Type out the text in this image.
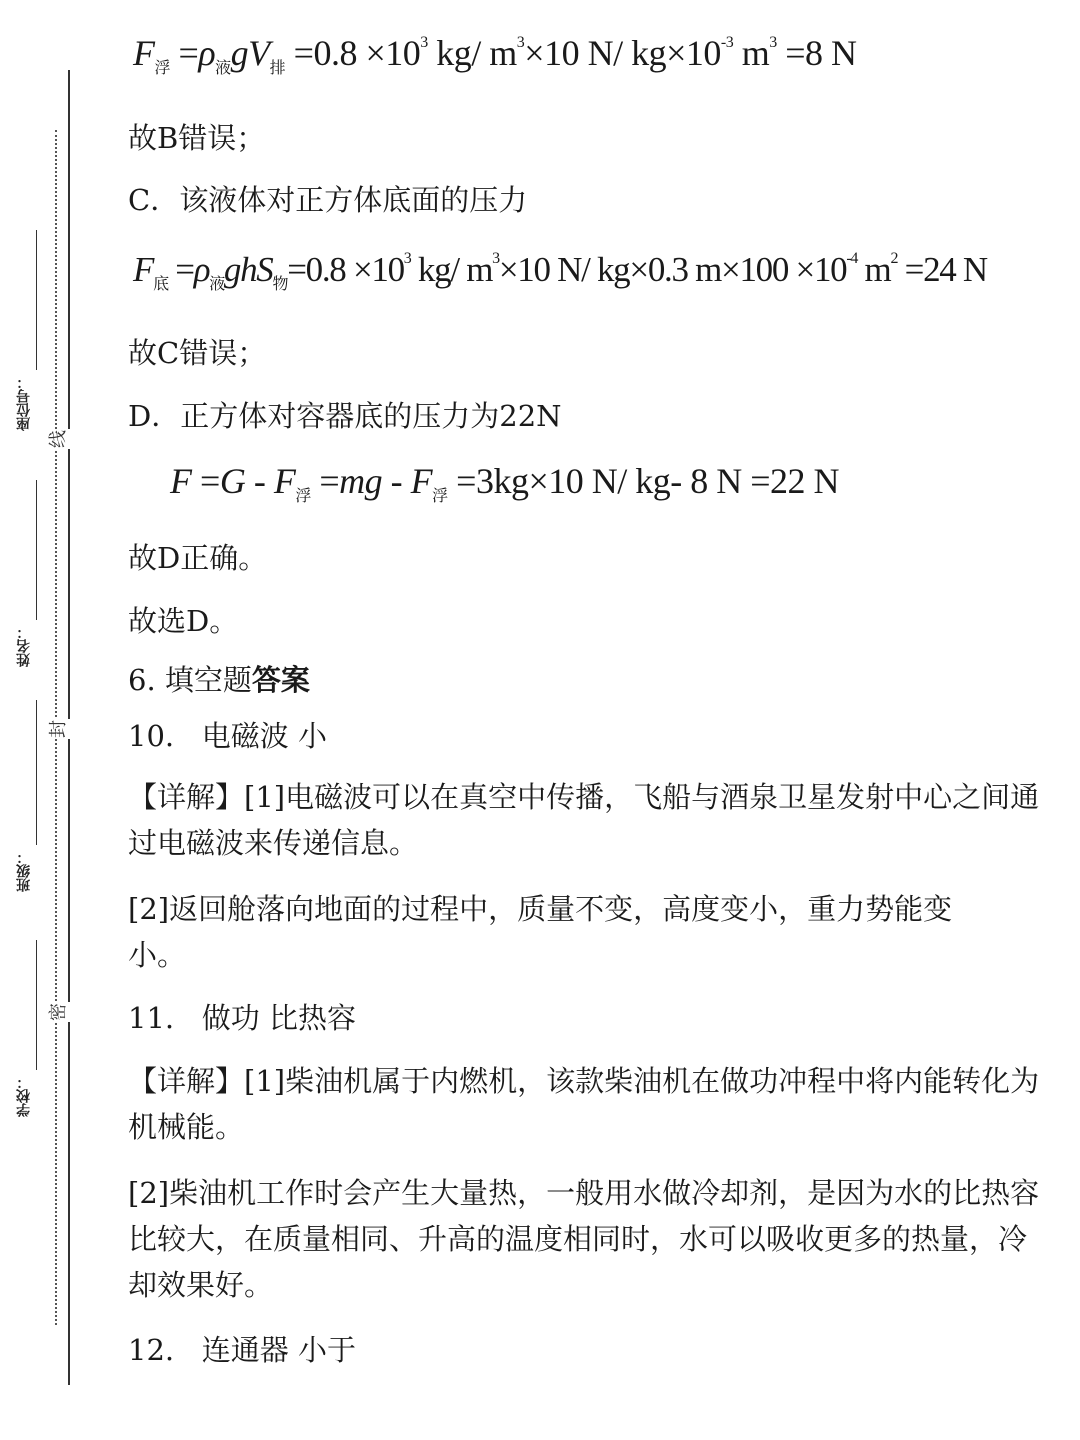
座位号：
姓名：
班级：
学校：
线
封
密
$F_浮 =\rho_液gV_排 =0.8 \times 10^3$ kg/ $m^3\times 10$ N/ $kg\times 10^{-3}$ $m^3 =8$ N
故B错误；
C．该液体对正方体底面的压力
$F_底 =\rho_液ghS_物=0.8 \times 10^3$ kg/ $m^3\times 10$ N/ kg×0.3 $m\times 100 \times 10^{-4}$ $m^2 =24$ N
故C错误；
D．正方体对容器底的压力为22N
$F =G - F_浮 =mg - F_浮 =3kg\times 10$ N/ kg- 8 N =22 N
故D正确。
故选D。
6. 填空题答案
10.   电磁波 小
【详解】[1]电磁波可以在真空中传播，飞船与酒泉卫星发射中心之间通过电磁波来传递信息。
[2]返回舱落向地面的过程中，质量不变，高度变小，重力势能变小。
11.   做功 比热容
【详解】[1]柴油机属于内燃机，该款柴油机在做功冲程中将内能转化为机械能。
[2]柴油机工作时会产生大量热，一般用水做冷却剂，是因为水的比热容比较大，在质量相同、升高的温度相同时，水可以吸收更多的热量，冷却效果好。
12.   连通器 小于
